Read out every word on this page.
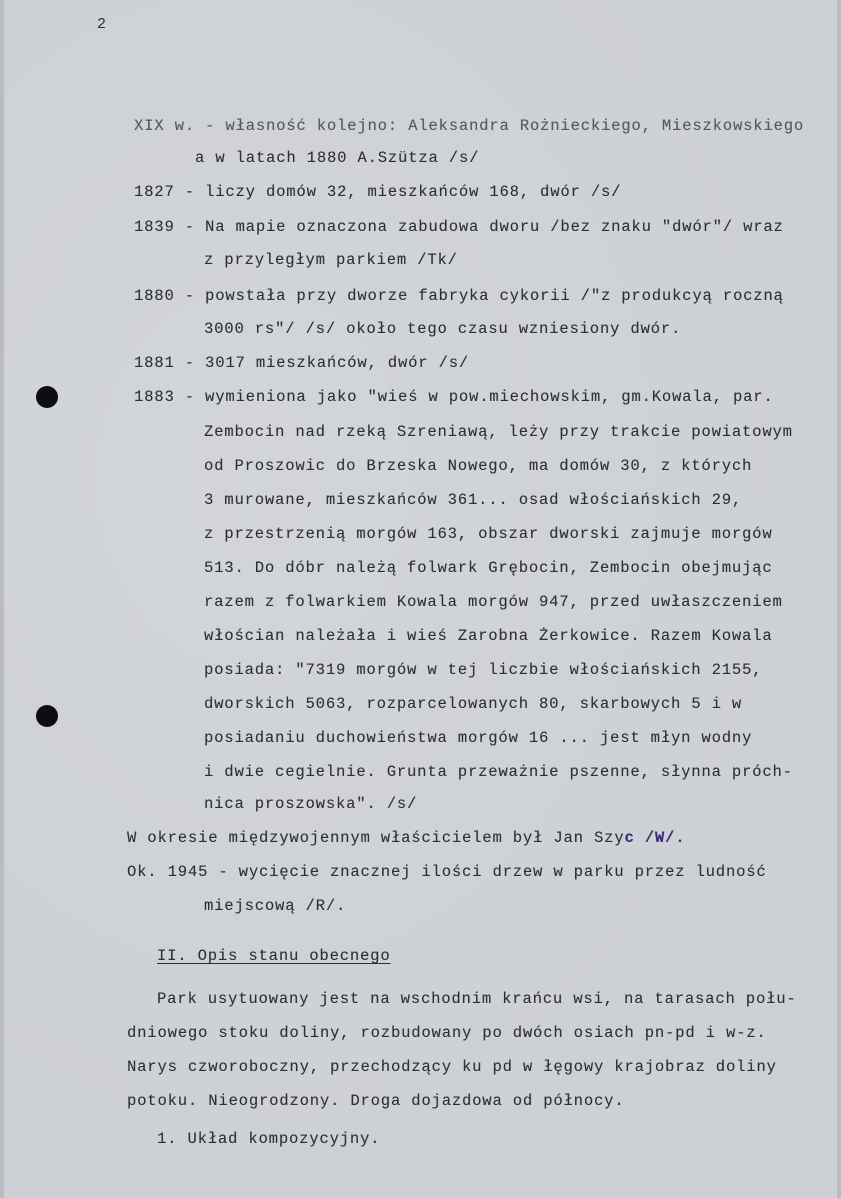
2
XIX w. - własność kolejno: Aleksandra Rożnieckiego, Mieszkowskiego
a w latach 1880 A.Szütza /s/
1827 - liczy domów 32, mieszkańców 168, dwór /s/
1839 - Na mapie oznaczona zabudowa dworu /bez znaku "dwór"/ wraz
z przyległym parkiem /Tk/
1880 - powstała przy dworze fabryka cykorii /"z produkcyą roczną
3000 rs"/ /s/ około tego czasu wzniesiony dwór.
1881 - 3017 mieszkańców, dwór /s/
1883 - wymieniona jako "wieś w pow.miechowskim, gm.Kowala, par.
Zembocin nad rzeką Szreniawą, leży przy trakcie powiatowym
od Proszowic do Brzeska Nowego, ma domów 30, z których
3 murowane, mieszkańców 361... osad włościańskich 29,
z przestrzenią morgów 163, obszar dworski zajmuje morgów
513. Do dóbr należą folwark Grębocin, Zembocin obejmując
razem z folwarkiem Kowala morgów 947, przed uwłaszczeniem
włościan należała i wieś Zarobna Żerkowice. Razem Kowala
posiada: "7319 morgów w tej liczbie włościańskich 2155,
dworskich 5063, rozparcelowanych 80, skarbowych 5 i w
posiadaniu duchowieństwa morgów 16 ... jest młyn wodny
i dwie cegielnie. Grunta przeważnie pszenne, słynna próch-
nica proszowska". /s/
W okresie międzywojennym właścicielem był Jan Szyc /W/.
Ok. 1945 - wycięcie znacznej ilości drzew w parku przez ludność
miejscową /R/.
II. Opis stanu obecnego
Park usytuowany jest na wschodnim krańcu wsi, na tarasach połu-
dniowego stoku doliny, rozbudowany po dwóch osiach pn-pd i w-z.
Narys czworoboczny, przechodzący ku pd w łęgowy krajobraz doliny
potoku. Nieogrodzony. Droga dojazdowa od północy.
1. Układ kompozycyjny.
